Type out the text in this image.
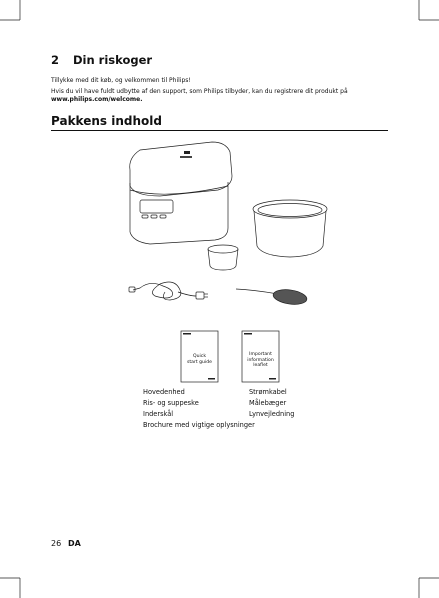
2 Din riskoger
Tillykke med dit køb, og velkommen til Philips!
Hvis du vil have fuldt udbytte af den support, som Philips tilbyder, kan du registrere dit produkt på
www.philips.com/welcome.
Pakkens indhold
Quick
start guide
Important
information
leaflet
Hovedenhed
Ris- og suppeske
Inderskål
Brochure med vigtige oplysninger
Strømkabel
Målebæger
Lynvejledning
26 DA
